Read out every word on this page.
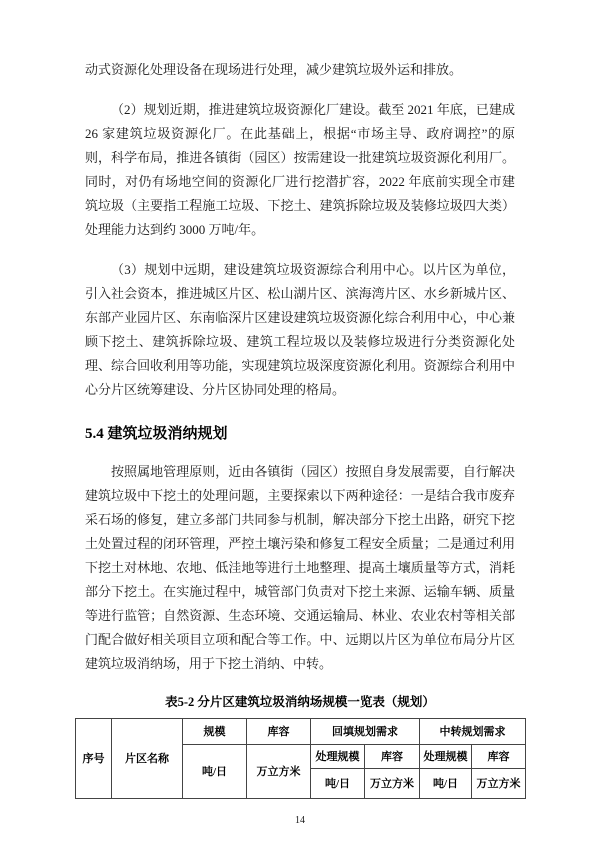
动式资源化处理设备在现场进行处理，减少建筑垃圾外运和排放。

（2）规划近期，推进建筑垃圾资源化厂建设。截至 2021 年底，已建成 26 家建筑垃圾资源化厂。在此基础上，根据“市场主导、政府调控”的原则，科学布局，推进各镇街（园区）按需建设一批建筑垃圾资源化利用厂。同时，对仍有场地空间的资源化厂进行挖潜扩容，2022 年底前实现全市建筑垃圾（主要指工程施工垃圾、下挖土、建筑拆除垃圾及装修垃圾四大类）处理能力达到约 3000 万吨/年。

（3）规划中远期，建设建筑垃圾资源综合利用中心。以片区为单位，引入社会资本，推进城区片区、松山湖片区、滨海湾片区、水乡新城片区、东部产业园片区、东南临深片区建设建筑垃圾资源化综合利用中心，中心兼顾下挖土、建筑拆除垃圾、建筑工程垃圾以及装修垃圾进行分类资源化处理、综合回收利用等功能，实现建筑垃圾深度资源化利用。资源综合利用中心分片区统筹建设、分片区协同处理的格局。

5.4 建筑垃圾消纳规划

按照属地管理原则，近由各镇街（园区）按照自身发展需要，自行解决建筑垃圾中下挖土的处理问题，主要探索以下两种途径：一是结合我市废弃采石场的修复，建立多部门共同参与机制，解决部分下挖土出路，研究下挖土处置过程的闭环管理，严控土壤污染和修复工程安全质量；二是通过利用下挖土对林地、农地、低洼地等进行土地整理、提高土壤质量等方式，消耗部分下挖土。在实施过程中，城管部门负责对下挖土来源、运输车辆、质量等进行监管；自然资源、生态环境、交通运输局、林业、农业农村等相关部门配合做好相关项目立项和配合等工作。中、远期以片区为单位布局分片区建筑垃圾消纳场，用于下挖土消纳、中转。

表5-2 分片区建筑垃圾消纳场规模一览表（规划）

序号	片区名称	规模	库容	回填规划需求		中转规划需求	
		吨/日	万立方米	处理规模	库容	处理规模	库容
				吨/日	万立方米	吨/日	万立方米
14
